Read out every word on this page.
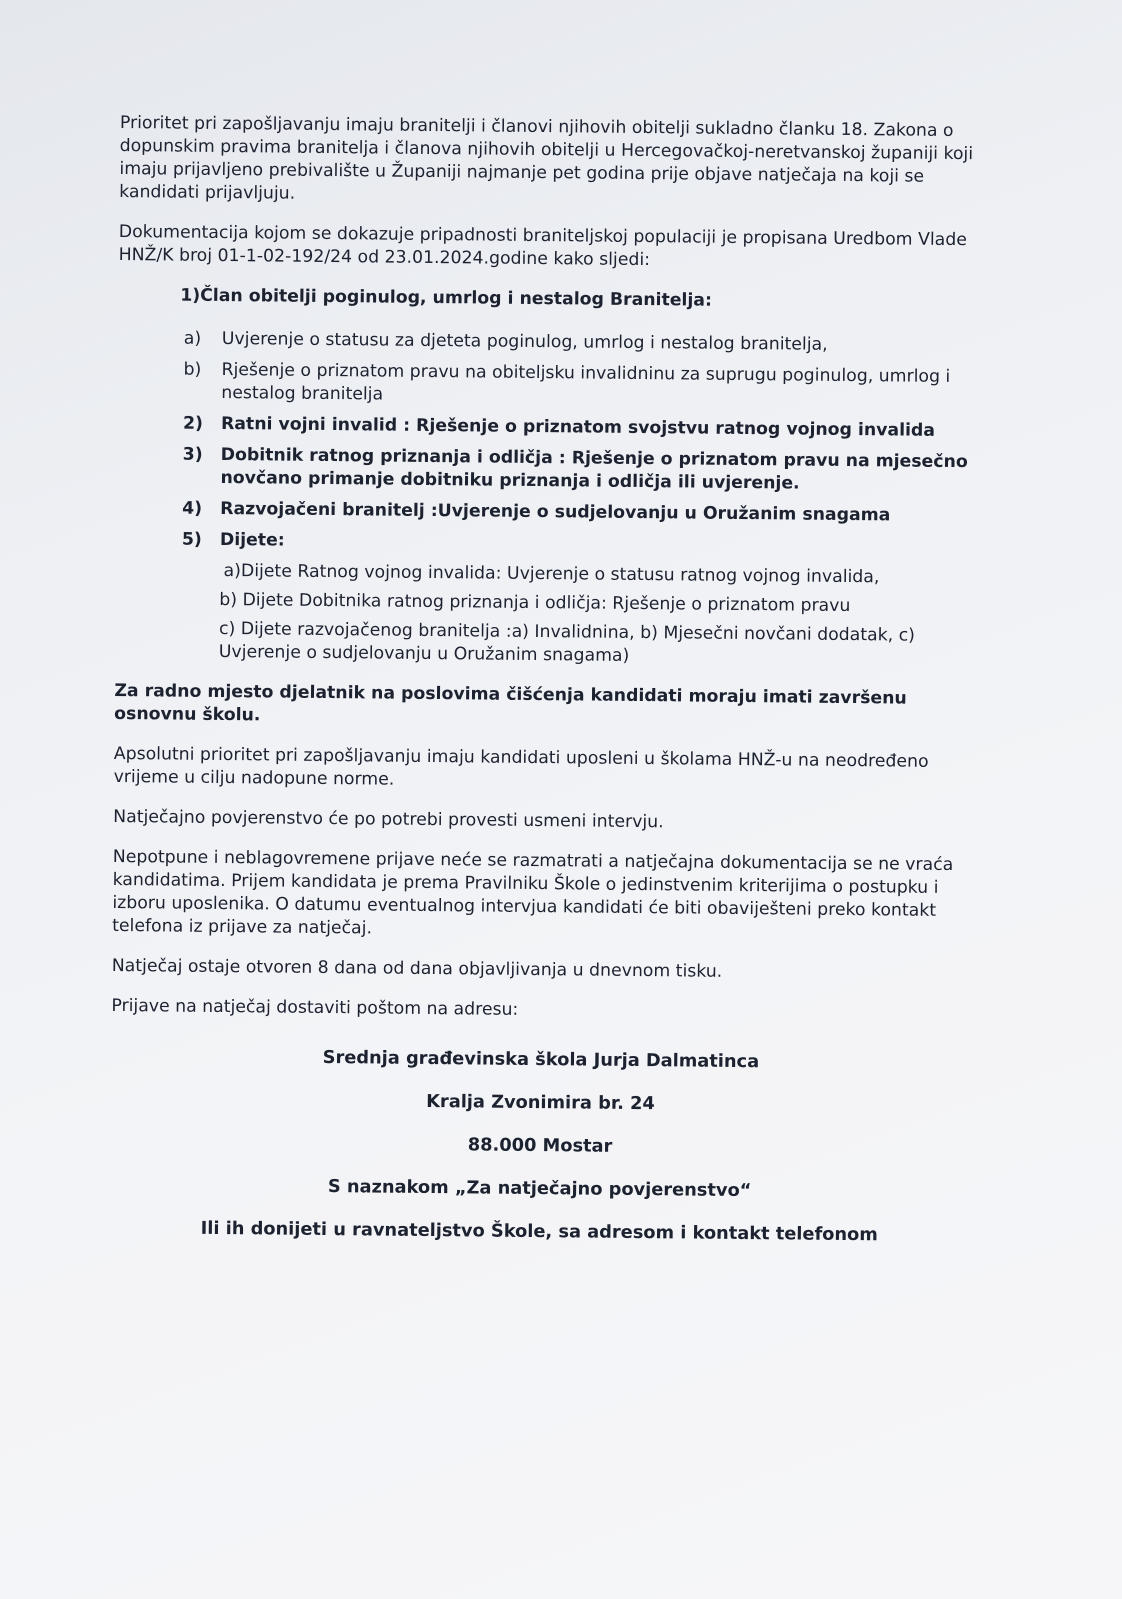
Prioritet pri zapošljavanju imaju branitelji i članovi njihovih obitelji sukladno članku 18. Zakona o dopunskim pravima branitelja i članova njihovih obitelji u Hercegovačkoj-neretvanskoj županiji koji imaju prijavljeno prebivalište u Županiji najmanje pet godina prije objave natječaja na koji se kandidati prijavljuju.

Dokumentacija kojom se dokazuje pripadnosti braniteljskoj populaciji je propisana Uredbom Vlade HNŽ/K broj 01-1-02-192/24 od 23.01.2024.godine kako sljedi:

1)Član obitelji poginulog, umrlog i nestalog Branitelja:

a)	Uvjerenje o statusu za djeteta poginulog, umrlog i nestalog branitelja,
b)	Rješenje o priznatom pravu na obiteljsku invalidninu za suprugu poginulog, umrlog i nestalog branitelja
2)	Ratni vojni invalid : Rješenje o priznatom svojstvu ratnog vojnog invalida
3)	Dobitnik ratnog priznanja i odličja : Rješenje o priznatom pravu na mjesečno novčano primanje dobitniku priznanja i odličja ili uvjerenje.
4)	Razvojačeni branitelj :Uvjerenje o sudjelovanju u Oružanim snagama
5)	Dijete:

a)Dijete Ratnog vojnog invalida: Uvjerenje o statusu ratnog vojnog invalida,

b) Dijete Dobitnika ratnog priznanja i odličja: Rješenje o priznatom pravu

c) Dijete razvojačenog branitelja :a) Invalidnina, b) Mjesečni novčani dodatak, c) Uvjerenje o sudjelovanju u Oružanim snagama)

Za radno mjesto djelatnik na poslovima čišćenja kandidati moraju imati završenu osnovnu školu.

Apsolutni prioritet pri zapošljavanju imaju kandidati uposleni u školama HNŽ-u na neodređeno vrijeme u cilju nadopune norme.

Natječajno povjerenstvo će po potrebi provesti usmeni intervju.

Nepotpune i neblagovremene prijave neće se razmatrati a natječajna dokumentacija se ne vraća kandidatima. Prijem kandidata je prema Pravilniku Škole o jedinstvenim kriterijima o postupku i izboru uposlenika. O datumu eventualnog intervjua kandidati će biti obaviješteni preko kontakt telefona iz prijave za natječaj.

Natječaj ostaje otvoren 8 dana od dana objavljivanja u dnevnom tisku.

Prijave na natječaj dostaviti poštom na adresu:

Srednja građevinska škola Jurja Dalmatinca

Kralja Zvonimira br. 24

88.000 Mostar

S naznakom „Za natječajno povjerenstvo“

Ili ih donijeti u ravnateljstvo Škole, sa adresom i kontakt telefonom
